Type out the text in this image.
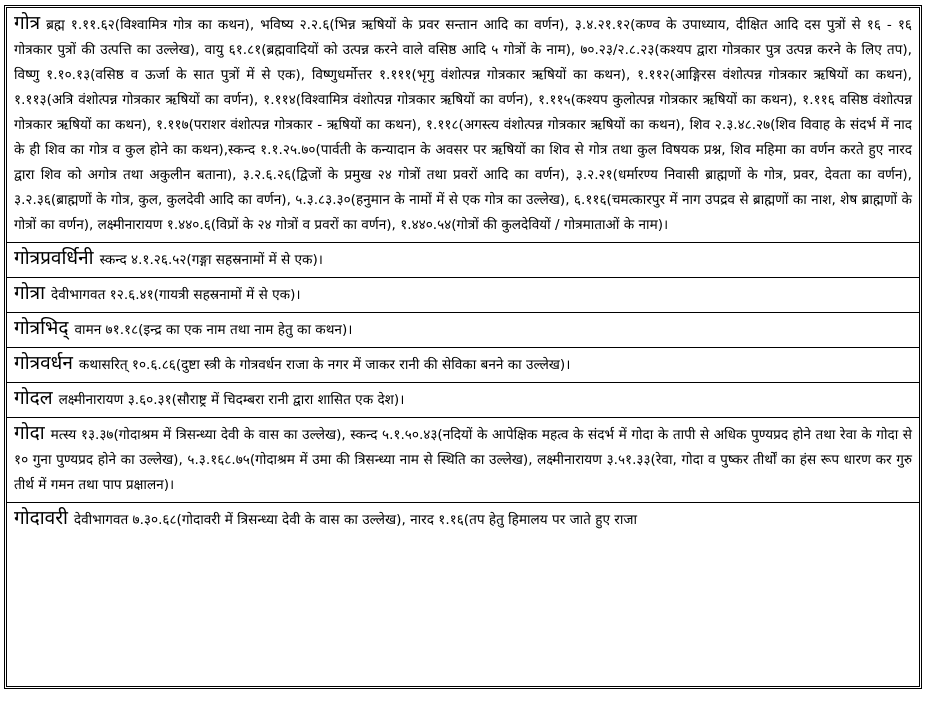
गोत्र ब्रह्म १.११.६२(विश्वामित्र गोत्र का कथन), भविष्य २.२.६(भिन्न ऋषियों के प्रवर सन्तान आदि का वर्णन), ३.४.२१.१२(कण्व के उपाध्याय, दीक्षित आदि दस पुत्रों से १६ - १६ गोत्रकार पुत्रों की उत्पत्ति का उल्लेख), वायु ६१.८१(ब्रह्मवादियों को उत्पन्न करने वाले वसिष्ठ आदि ५ गोत्रों के नाम), ७०.२३/२.८.२३(कश्यप द्वारा गोत्रकार पुत्र उत्पन्न करने के लिए तप), विष्णु १.१०.१३(वसिष्ठ व ऊर्जा के सात पुत्रों में से एक), विष्णुधर्मोत्तर १.१११(भृगु वंशोत्पन्न गोत्रकार ऋषियों का कथन), १.११२(आङ्गिरस वंशोत्पन्न गोत्रकार ऋषियों का कथन), १.११३(अत्रि वंशोत्पन्न गोत्रकार ऋषियों का वर्णन), १.११४(विश्वामित्र वंशोत्पन्न गोत्रकार ऋषियों का वर्णन), १.११५(कश्यप कुलोत्पन्न गोत्रकार ऋषियों का कथन), १.११६ वसिष्ठ वंशोत्पन्न गोत्रकार ऋषियों का कथन), १.११७(पराशर वंशोत्पन्न गोत्रकार - ऋषियों का कथन), १.११८(अगस्त्य वंशोत्पन्न गोत्रकार ऋषियों का कथन), शिव २.३.४८.२७(शिव विवाह के संदर्भ में नाद के ही शिव का गोत्र व कुल होने का कथन),स्कन्द १.१.२५.७०(पार्वती के कन्यादान के अवसर पर ऋषियों का शिव से गोत्र तथा कुल विषयक प्रश्न, शिव महिमा का वर्णन करते हुए नारद द्वारा शिव को अगोत्र तथा अकुलीन बताना), ३.२.६.२६(द्विजों के प्रमुख २४ गोत्रों तथा प्रवरों आदि का वर्णन), ३.२.२१(धर्मारण्य निवासी ब्राह्मणों के गोत्र, प्रवर, देवता का वर्णन), ३.२.३६(ब्राह्मणों के गोत्र, कुल, कुलदेवी आदि का वर्णन), ५.३.८३.३०(हनुमान के नामों में से एक गोत्र का उल्लेख), ६.११६(चमत्कारपुर में नाग उपद्रव से ब्राह्मणों का नाश, शेष ब्राह्मणों के गोत्रों का वर्णन), लक्ष्मीनारायण १.४४०.६(विप्रों के २४ गोत्रों व प्रवरों का वर्णन), १.४४०.५४(गोत्रों की कुलदेवियों / गोत्रमाताओं के नाम)।
गोत्रप्रवर्धिनी स्कन्द ४.१.२६.५२(गङ्गा सहस्रनामों में से एक)।
गोत्रा देवीभागवत १२.६.४१(गायत्री सहस्रनामों में से एक)।
गोत्रभिद् वामन ७१.१८(इन्द्र का एक नाम तथा नाम हेतु का कथन)।
गोत्रवर्धन कथासरित् १०.६.८६(दुष्टा स्त्री के गोत्रवर्धन राजा के नगर में जाकर रानी की सेविका बनने का उल्लेख)।
गोदल लक्ष्मीनारायण ३.६०.३१(सौराष्ट्र में चिदम्बरा रानी द्वारा शासित एक देश)।
गोदा मत्स्य १३.३७(गोदाश्रम में त्रिसन्ध्या देवी के वास का उल्लेख), स्कन्द ५.१.५०.४३(नदियों के आपेक्षिक महत्व के संदर्भ में गोदा के तापी से अधिक पुण्यप्रद होने तथा रेवा के गोदा से १० गुना पुण्यप्रद होने का उल्लेख), ५.३.१६८.७५(गोदाश्रम में उमा की त्रिसन्ध्या नाम से स्थिति का उल्लेख), लक्ष्मीनारायण ३.५१.३३(रेवा, गोदा व पुष्कर तीर्थों का हंस रूप धारण कर गुरु तीर्थ में गमन तथा पाप प्रक्षालन)।
गोदावरी देवीभागवत ७.३०.६८(गोदावरी में त्रिसन्ध्या देवी के वास का उल्लेख), नारद १.१६(तप हेतु हिमालय पर जाते हुए राजा
